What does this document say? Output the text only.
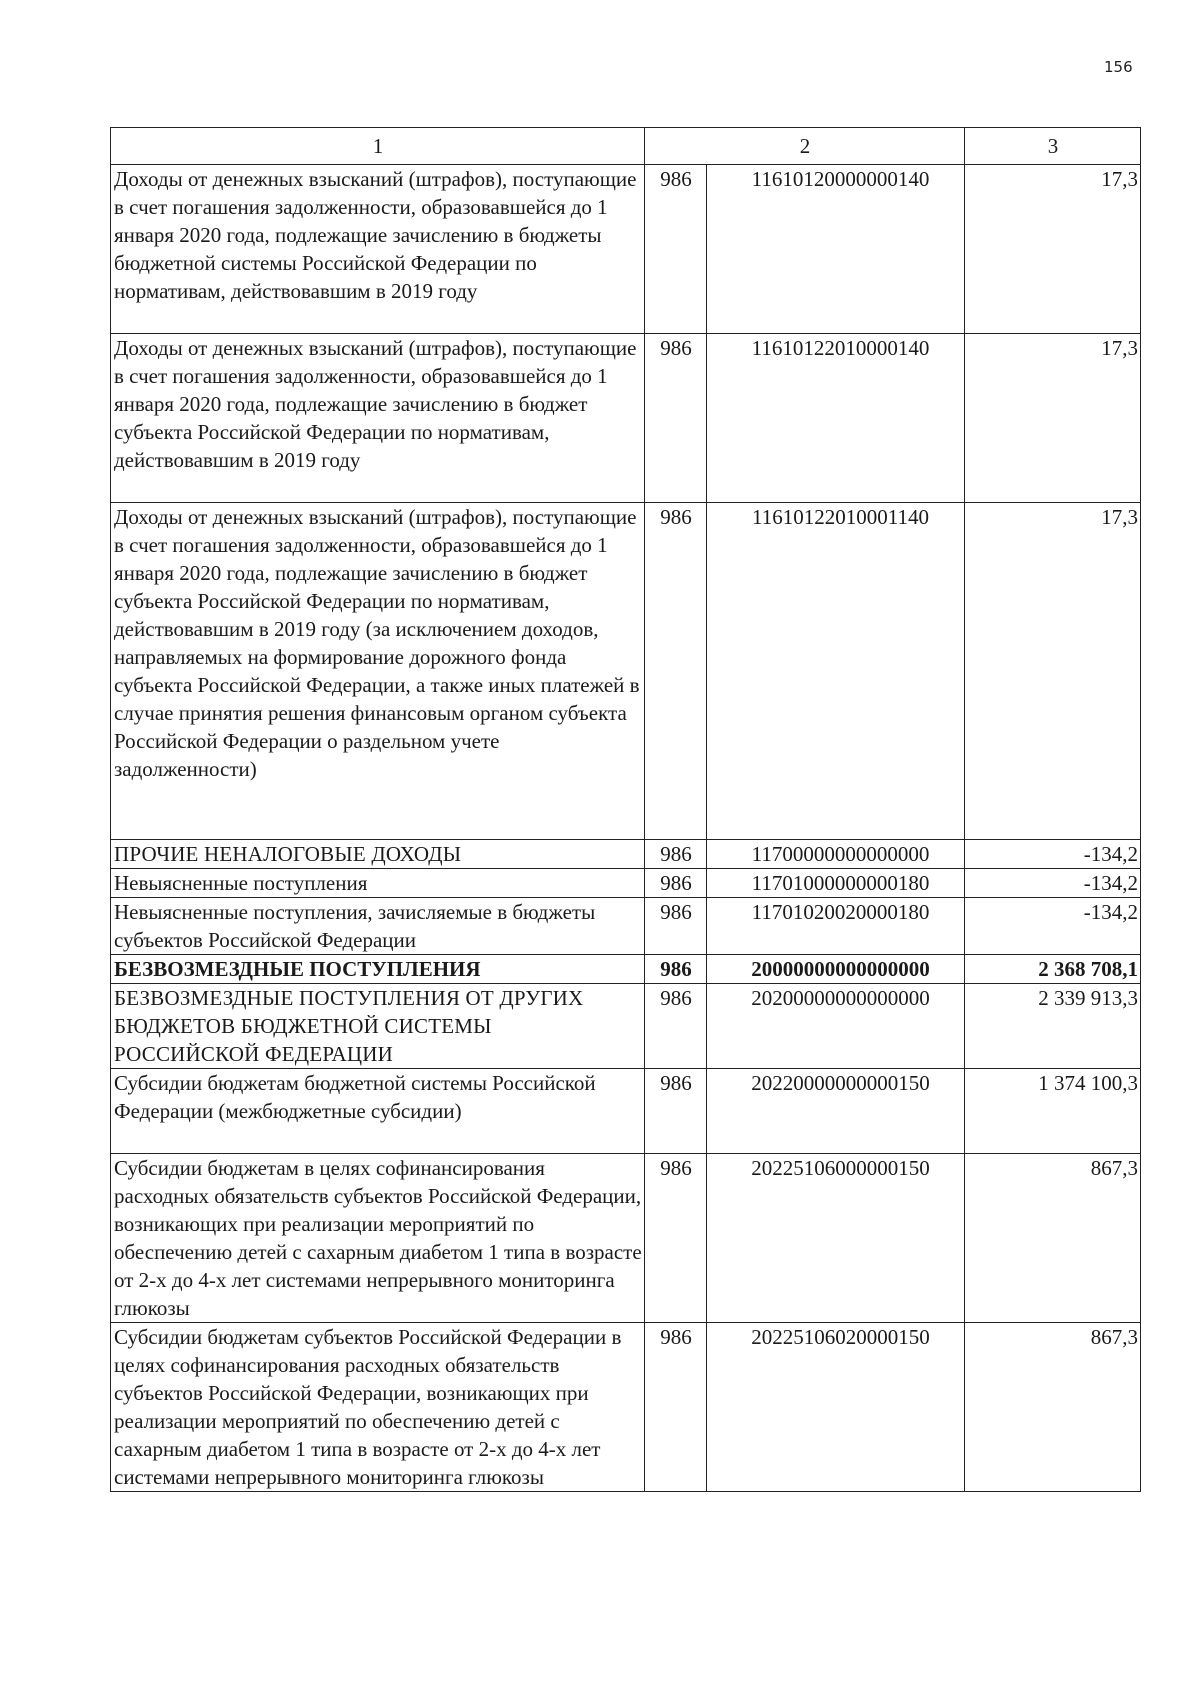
156
1	2		3
Доходы от денежных взысканий (штрафов), поступающие в счет погашения задолженности, образовавшейся до 1 января 2020 года, подлежащие зачислению в бюджеты бюджетной системы Российской Федерации по нормативам, действовавшим в 2019 году	986	11610120000000140	17,3
Доходы от денежных взысканий (штрафов), поступающие в счет погашения задолженности, образовавшейся до 1 января 2020 года, подлежащие зачислению в бюджет субъекта Российской Федерации по нормативам, действовавшим в 2019 году	986	11610122010000140	17,3
Доходы от денежных взысканий (штрафов), поступающие в счет погашения задолженности, образовавшейся до 1 января 2020 года, подлежащие зачислению в бюджет субъекта Российской Федерации по нормативам, действовавшим в 2019 году (за исключением доходов, направляемых на формирование дорожного фонда субъекта Российской Федерации, а также иных платежей в случае принятия решения финансовым органом субъекта Российской Федерации о раздельном учете задолженности)	986	11610122010001140	17,3
ПРОЧИЕ НЕНАЛОГОВЫЕ ДОХОДЫ	986	11700000000000000	-134,2
Невыясненные поступления	986	11701000000000180	-134,2
Невыясненные поступления, зачисляемые в бюджеты субъектов Российской Федерации	986	11701020020000180	-134,2
БЕЗВОЗМЕЗДНЫЕ ПОСТУПЛЕНИЯ	986	20000000000000000	2 368 708,1
БЕЗВОЗМЕЗДНЫЕ ПОСТУПЛЕНИЯ ОТ ДРУГИХ БЮДЖЕТОВ БЮДЖЕТНОЙ СИСТЕМЫ РОССИЙСКОЙ ФЕДЕРАЦИИ	986	20200000000000000	2 339 913,3
Субсидии бюджетам бюджетной системы Российской Федерации (межбюджетные субсидии)	986	20220000000000150	1 374 100,3
Субсидии бюджетам в целях софинансирования расходных обязательств субъектов Российской Федерации, возникающих при реализации мероприятий по обеспечению детей с сахарным диабетом 1 типа в возрасте от 2-х до 4-х лет системами непрерывного мониторинга глюкозы	986	20225106000000150	867,3
Субсидии бюджетам субъектов Российской Федерации в целях софинансирования расходных обязательств субъектов Российской Федерации, возникающих при реализации мероприятий по обеспечению детей с сахарным диабетом 1 типа в возрасте от 2-х до 4-х лет системами непрерывного мониторинга глюкозы	986	20225106020000150	867,3
